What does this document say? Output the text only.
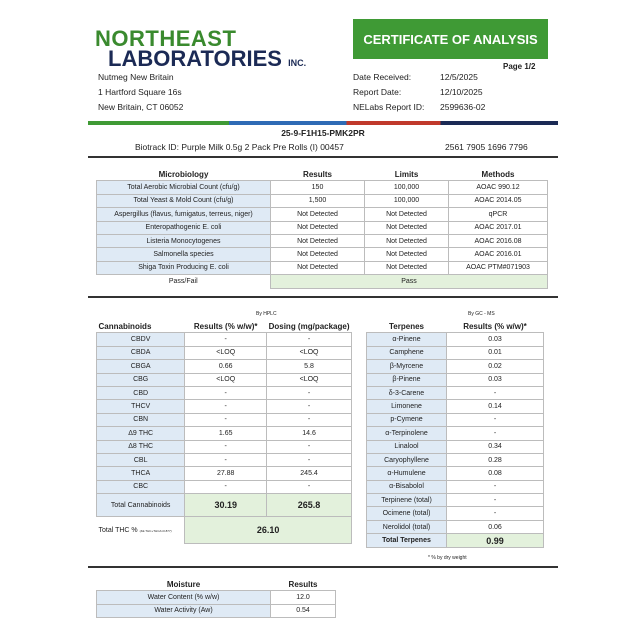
NORTHEAST
LABORATORIES INC.
CERTIFICATE OF ANALYSIS
Page 1/2
Nutmeg New Britain
1 Hartford Square 16s
New Britain, CT 06052
Date Received:	12/5/2025
Report Date:	12/10/2025
NELabs Report ID: 2599636-02
25-9-F1H15-PMK2PR
Biotrack ID: Purple Milk 0.5g 2 Pack Pre Rolls (I) 00457	2561 7905 1696 7796
Microbiology	Results	Limits	Methods
Total Aerobic Microbial Count (cfu/g)	150	100,000	AOAC 990.12
Total Yeast & Mold Count (cfu/g)	1,500	100,000	AOAC 2014.05
Aspergillus (flavus, fumigatus, terreus, niger)	Not Detected	Not Detected	qPCR
Enteropathogenic E. coli	Not Detected	Not Detected	AOAC 2017.01
Listeria Monocytogenes	Not Detected	Not Detected	AOAC 2016.08
Salmonella species	Not Detected	Not Detected	AOAC 2016.01
Shiga Toxin Producing E. coli	Not Detected	Not Detected	AOAC PTM#071903
Pass/Fail	Pass		
By HPLC
Cannabinoids	Results (% w/w)*	Dosing (mg/package)
CBDV	-	-
CBDA	<LOQ	<LOQ
CBGA	0.66	5.8
CBG	<LOQ	<LOQ
CBD	-	-
THCV	-	-
CBN	-	-
Δ9 THC	1.65	14.6
Δ8 THC	-	-
CBL	-	-
THCA	27.88	245.4
CBC	-	-
Total Cannabinoids	30.19	265.8
Total THC % (Δ9-THC+THCA×0.877)	26.10	
By GC - MS
Terpenes	Results (% w/w)*
α-Pinene	0.03
Camphene	0.01
β-Myrcene	0.02
β-Pinene	0.03
δ-3-Carene	-
Limonene	0.14
p-Cymene	-
α-Terpinolene	-
Linalool	0.34
Caryophyllene	0.28
α-Humulene	0.08
α-Bisabolol	-
Terpinene (total)	-
Ocimene (total)	-
Nerolidol (total)	0.06
Total Terpenes	0.99
* % by dry weight
Moisture	Results
Water Content (% w/w)	12.0
Water Activity (Aw)	0.54
